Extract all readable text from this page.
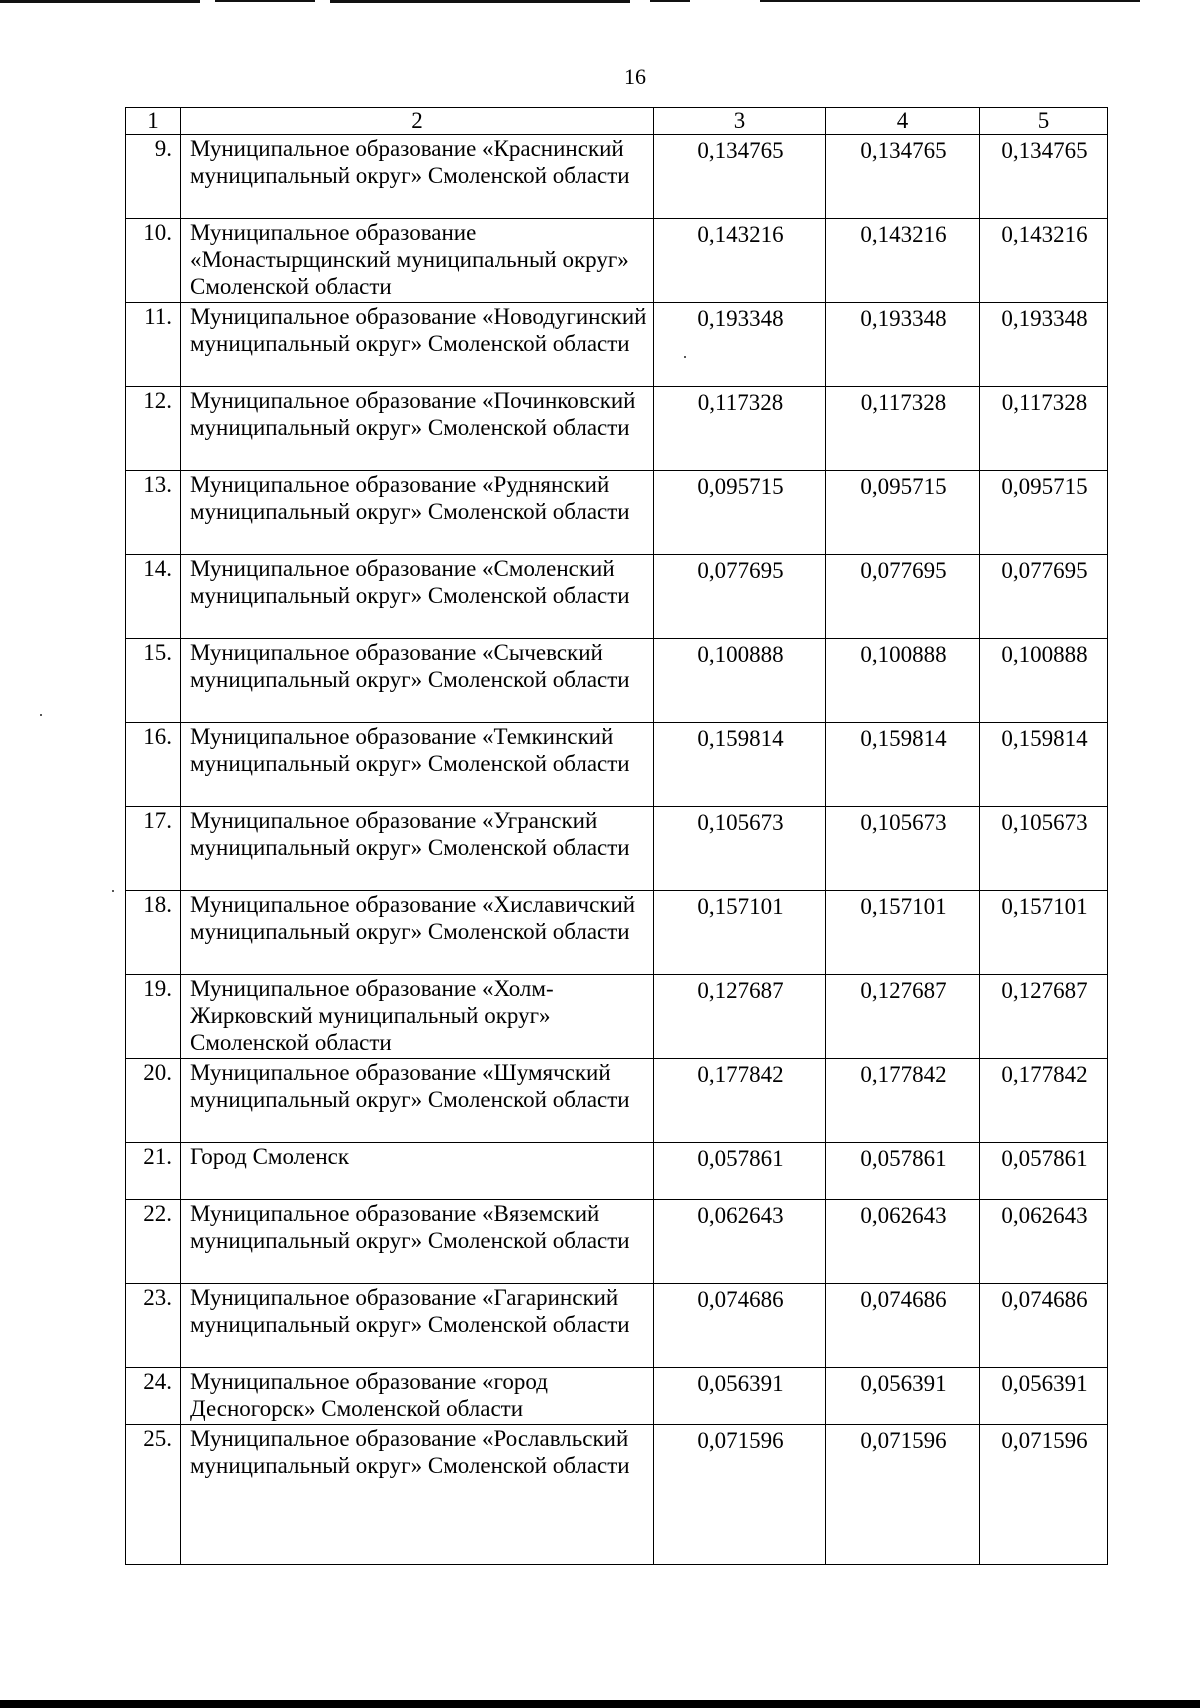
16
1	2	3	4	5
9.	Муниципальное образование «Краснинский муниципальный округ» Смоленской области	0,134765	0,134765	0,134765
10.	Муниципальное образование «Монастырщинский муниципальный округ» Смоленской области	0,143216	0,143216	0,143216
11.	Муниципальное образование «Новодугинский муниципальный округ» Смоленской области	0,193348	0,193348	0,193348
12.	Муниципальное образование «Починковский муниципальный округ» Смоленской области	0,117328	0,117328	0,117328
13.	Муниципальное образование «Руднянский муниципальный округ» Смоленской области	0,095715	0,095715	0,095715
14.	Муниципальное образование «Смоленский муниципальный округ» Смоленской области	0,077695	0,077695	0,077695
15.	Муниципальное образование «Сычевский муниципальный округ» Смоленской области	0,100888	0,100888	0,100888
16.	Муниципальное образование «Темкинский муниципальный округ» Смоленской области	0,159814	0,159814	0,159814
17.	Муниципальное образование «Угранский муниципальный округ» Смоленской области	0,105673	0,105673	0,105673
18.	Муниципальное образование «Хиславичский муниципальный округ» Смоленской области	0,157101	0,157101	0,157101
19.	Муниципальное образование «Холм-Жирковский муниципальный округ» Смоленской области	0,127687	0,127687	0,127687
20.	Муниципальное образование «Шумячский муниципальный округ» Смоленской области	0,177842	0,177842	0,177842
21.	Город Смоленск	0,057861	0,057861	0,057861
22.	Муниципальное образование «Вяземский муниципальный округ» Смоленской области	0,062643	0,062643	0,062643
23.	Муниципальное образование «Гагаринский муниципальный округ» Смоленской области	0,074686	0,074686	0,074686
24.	Муниципальное образование «город Десногорск» Смоленской области	0,056391	0,056391	0,056391
25.	Муниципальное образование «Рославльский муниципальный округ» Смоленской области	0,071596	0,071596	0,071596
